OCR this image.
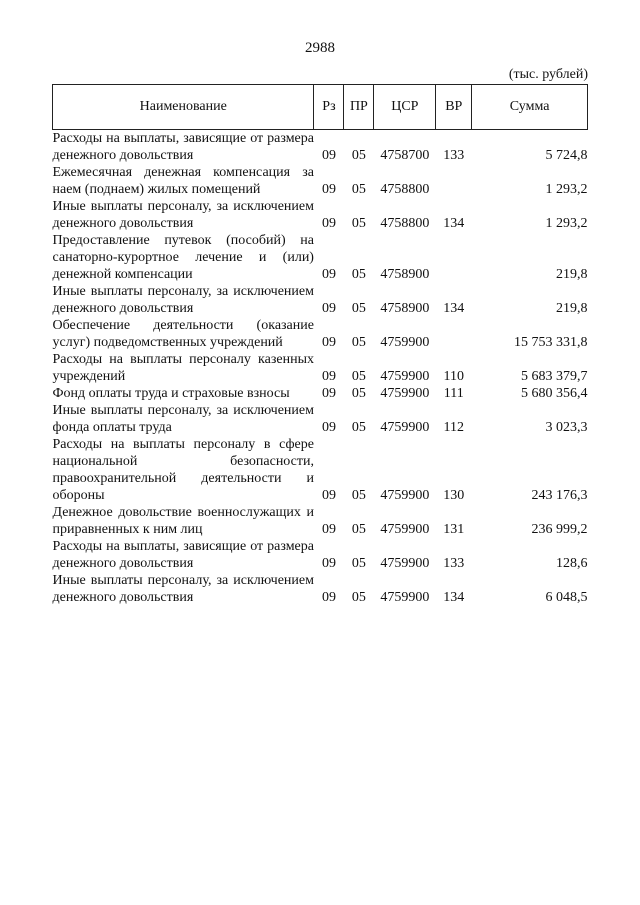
2988
(тыс. рублей)
Наименование	Рз	ПР	ЦСР	ВР	Сумма
Расходы на выплаты, зависящие от размера денежного довольствия	09	05	4758700	133	5 724,8
Ежемесячная денежная компенсация за наем (поднаем) жилых помещений	09	05	4758800		1 293,2
Иные выплаты персоналу, за исключением денежного довольствия	09	05	4758800	134	1 293,2
Предоставление путевок (пособий) на санаторно-курортное лечение и (или) денежной компенсации	09	05	4758900		219,8
Иные выплаты персоналу, за исключением денежного довольствия	09	05	4758900	134	219,8
Обеспечение деятельности (оказание услуг) подведомственных учреждений	09	05	4759900		15 753 331,8
Расходы на выплаты персоналу казенных учреждений	09	05	4759900	110	5 683 379,7
Фонд оплаты труда и страховые взносы	09	05	4759900	111	5 680 356,4
Иные выплаты персоналу, за исключением фонда оплаты труда	09	05	4759900	112	3 023,3
Расходы на выплаты персоналу в сфере национальной безопасности, правоохранительной деятельности и обороны	09	05	4759900	130	243 176,3
Денежное довольствие военнослужащих и приравненных к ним лиц	09	05	4759900	131	236 999,2
Расходы на выплаты, зависящие от размера денежного довольствия	09	05	4759900	133	128,6
Иные выплаты персоналу, за исключением денежного довольствия	09	05	4759900	134	6 048,5
